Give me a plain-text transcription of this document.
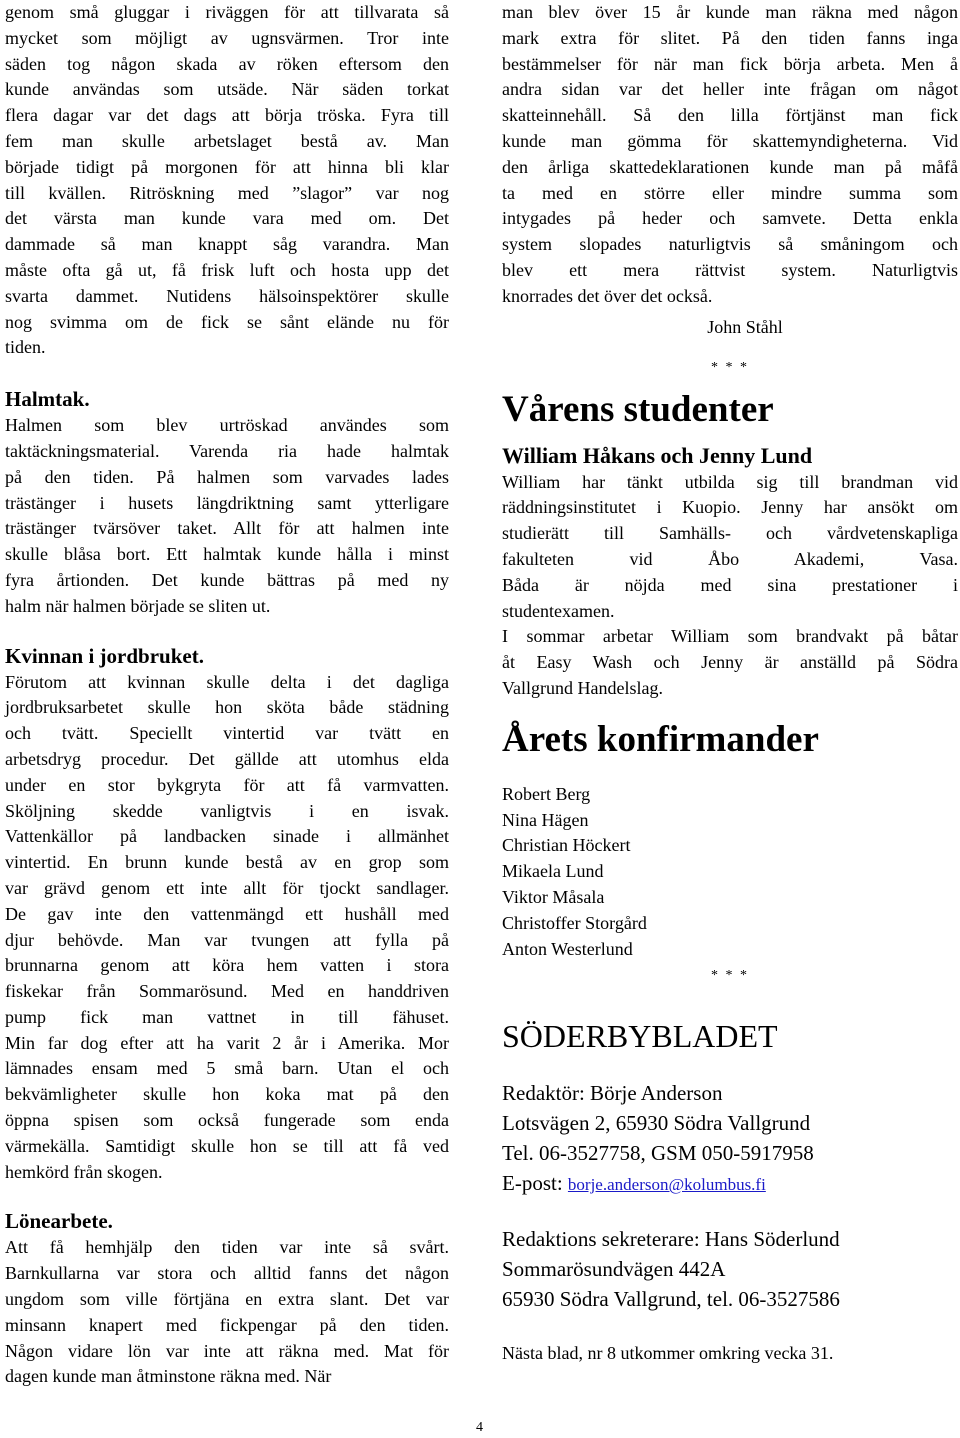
genom små gluggar i riväggen för att tillvarata så

mycket som möjligt av ugnsvärmen. Tror inte

säden tog någon skada av röken eftersom den

kunde användas som utsäde. När säden torkat

flera dagar var det dags att börja tröska. Fyra till

fem man skulle arbetslaget bestå av. Man

började tidigt på morgonen för att hinna bli klar

till kvällen. Ritröskning med ”slagor” var nog

det värsta man kunde vara med om. Det

dammade så man knappt såg varandra. Man

måste ofta gå ut, få frisk luft och hosta upp det

svarta dammet. Nutidens hälsoinspektörer skulle

nog svimma om de fick se sånt elände nu för

tiden.

Halmtak.

Halmen som blev urtröskad användes som

taktäckningsmaterial. Varenda ria hade halmtak

på den tiden. På halmen som varvades lades

trästänger i husets längdriktning samt ytterligare

trästänger tvärsöver taket. Allt för att halmen inte

skulle blåsa bort. Ett halmtak kunde hålla i minst

fyra årtionden. Det kunde bättras på med ny

halm när halmen började se sliten ut.

Kvinnan i jordbruket.

Förutom att kvinnan skulle delta i det dagliga

jordbruksarbetet skulle hon sköta både städning

och tvätt. Speciellt vintertid var tvätt en

arbetsdryg procedur. Det gällde att utomhus elda

under en stor bykgryta för att få varmvatten.

Sköljning skedde vanligtvis i en isvak.

Vattenkällor på landbacken sinade i allmänhet

vintertid. En brunn kunde bestå av en grop som

var grävd genom ett inte allt för tjockt sandlager.

De gav inte den vattenmängd ett hushåll med

djur behövde. Man var tvungen att fylla på

brunnarna genom att köra hem vatten i stora

fiskekar från Sommarösund. Med en handdriven

pump fick man vattnet in till fähuset.

Min far dog efter att ha varit 2 år i Amerika. Mor

lämnades ensam med 5 små barn. Utan el och

bekvämligheter skulle hon koka mat på den

öppna spisen som också fungerade som enda

värmekälla. Samtidigt skulle hon se till att få ved

hemkörd från skogen.

Lönearbete.

Att få hemhjälp den tiden var inte så svårt.

Barnkullarna var stora och alltid fanns det någon

ungdom som ville förtjäna en extra slant. Det var

minsann knapert med fickpengar på den tiden.

Någon vidare lön var inte att räkna med. Mat för

dagen kunde man åtminstone räkna med. När

man blev över 15 år kunde man räkna med någon

mark extra för slitet. På den tiden fanns inga

bestämmelser för när man fick börja arbeta. Men å

andra sidan var det heller inte frågan om något

skatteinnehåll. Så den lilla förtjänst man fick

kunde man gömma för skattemyndigheterna. Vid

den årliga skattedeklarationen kunde man på måfå

ta med en större eller mindre summa som

intygades på heder och samvete. Detta enkla

system slopades naturligtvis så småningom och

blev ett mera rättvist system. Naturligtvis

knorrades det över det också.

John Ståhl
* * *
Vårens studenter
William Håkans och Jenny Lund

William har tänkt utbilda sig till brandman vid

räddningsinstitutet i Kuopio. Jenny har ansökt om

studierätt till Samhälls- och vårdvetenskapliga

fakulteten vid Åbo Akademi, Vasa.

Båda är nöjda med sina prestationer i

studentexamen.

I sommar arbetar William som brandvakt på båtar

åt Easy Wash och Jenny är anställd på Södra

Vallgrund Handelslag.

Årets konfirmander
Robert Berg
Nina Hägen
Christian Höckert
Mikaela Lund
Viktor Måsala
Christoffer Storgård
Anton Westerlund
* * *
SÖDERBYBLADET
Redaktör: Börje Anderson
Lotsvägen 2, 65930 Södra Vallgrund
Tel. 06-3527758, GSM 050-5917958
E-post: borje.anderson@kolumbus.fi
Redaktions sekreterare: Hans Söderlund
Sommarösundvägen 442A
65930 Södra Vallgrund, tel. 06-3527586
Nästa blad, nr 8 utkommer omkring vecka 31.
4
